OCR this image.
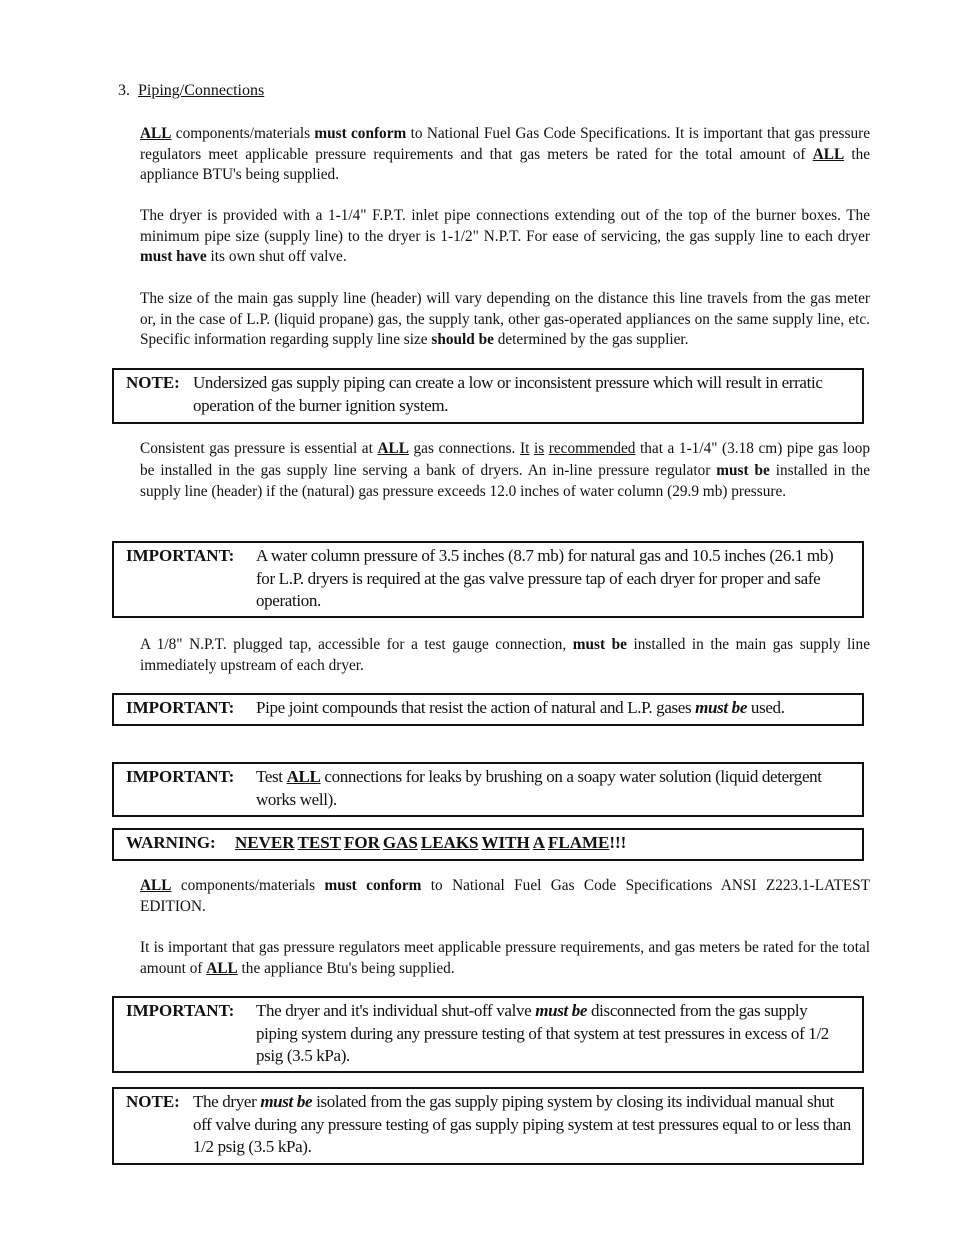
3. Piping/Connections
ALL components/materials must conform to National Fuel Gas Code Specifications. It is important that gas pressure regulators meet applicable pressure requirements and that gas meters be rated for the total amount of ALL the appliance BTU's being supplied.
The dryer is provided with a 1-1/4" F.P.T. inlet pipe connections extending out of the top of the burner boxes. The minimum pipe size (supply line) to the dryer is 1-1/2" N.P.T. For ease of servicing, the gas supply line to each dryer must have its own shut off valve.
The size of the main gas supply line (header) will vary depending on the distance this line travels from the gas meter or, in the case of L.P. (liquid propane) gas, the supply tank, other gas-operated appliances on the same supply line, etc. Specific information regarding supply line size should be determined by the gas supplier.
NOTE: Undersized gas supply piping can create a low or inconsistent pressure which will result in erratic operation of the burner ignition system.
Consistent gas pressure is essential at ALL gas connections. It is recommended that a 1-1/4" (3.18 cm) pipe gas loop be installed in the gas supply line serving a bank of dryers. An in-line pressure regulator must be installed in the supply line (header) if the (natural) gas pressure exceeds 12.0 inches of water column (29.9 mb) pressure.
IMPORTANT:	A water column pressure of 3.5 inches (8.7 mb) for natural gas and 10.5 inches (26.1 mb) for L.P. dryers is required at the gas valve pressure tap of each dryer for proper and safe operation.
A 1/8" N.P.T. plugged tap, accessible for a test gauge connection, must be installed in the main gas supply line immediately upstream of each dryer.
IMPORTANT:	Pipe joint compounds that resist the action of natural and L.P. gases must be used.
IMPORTANT:	Test ALL connections for leaks by brushing on a soapy water solution (liquid detergent works well).
WARNING:	NEVER TEST FOR GAS LEAKS WITH A FLAME!!!
ALL components/materials must conform to National Fuel Gas Code Specifications ANSI Z223.1-LATEST EDITION.
It is important that gas pressure regulators meet applicable pressure requirements, and gas meters be rated for the total amount of ALL the appliance Btu's being supplied.
IMPORTANT:	The dryer and it's individual shut-off valve must be disconnected from the gas supply piping system during any pressure testing of that system at test pressures in excess of 1/2 psig (3.5 kPa).
NOTE: The dryer must be isolated from the gas supply piping system by closing its individual manual shut off valve during any pressure testing of gas supply piping system at test pressures equal to or less than 1/2 psig (3.5 kPa).
